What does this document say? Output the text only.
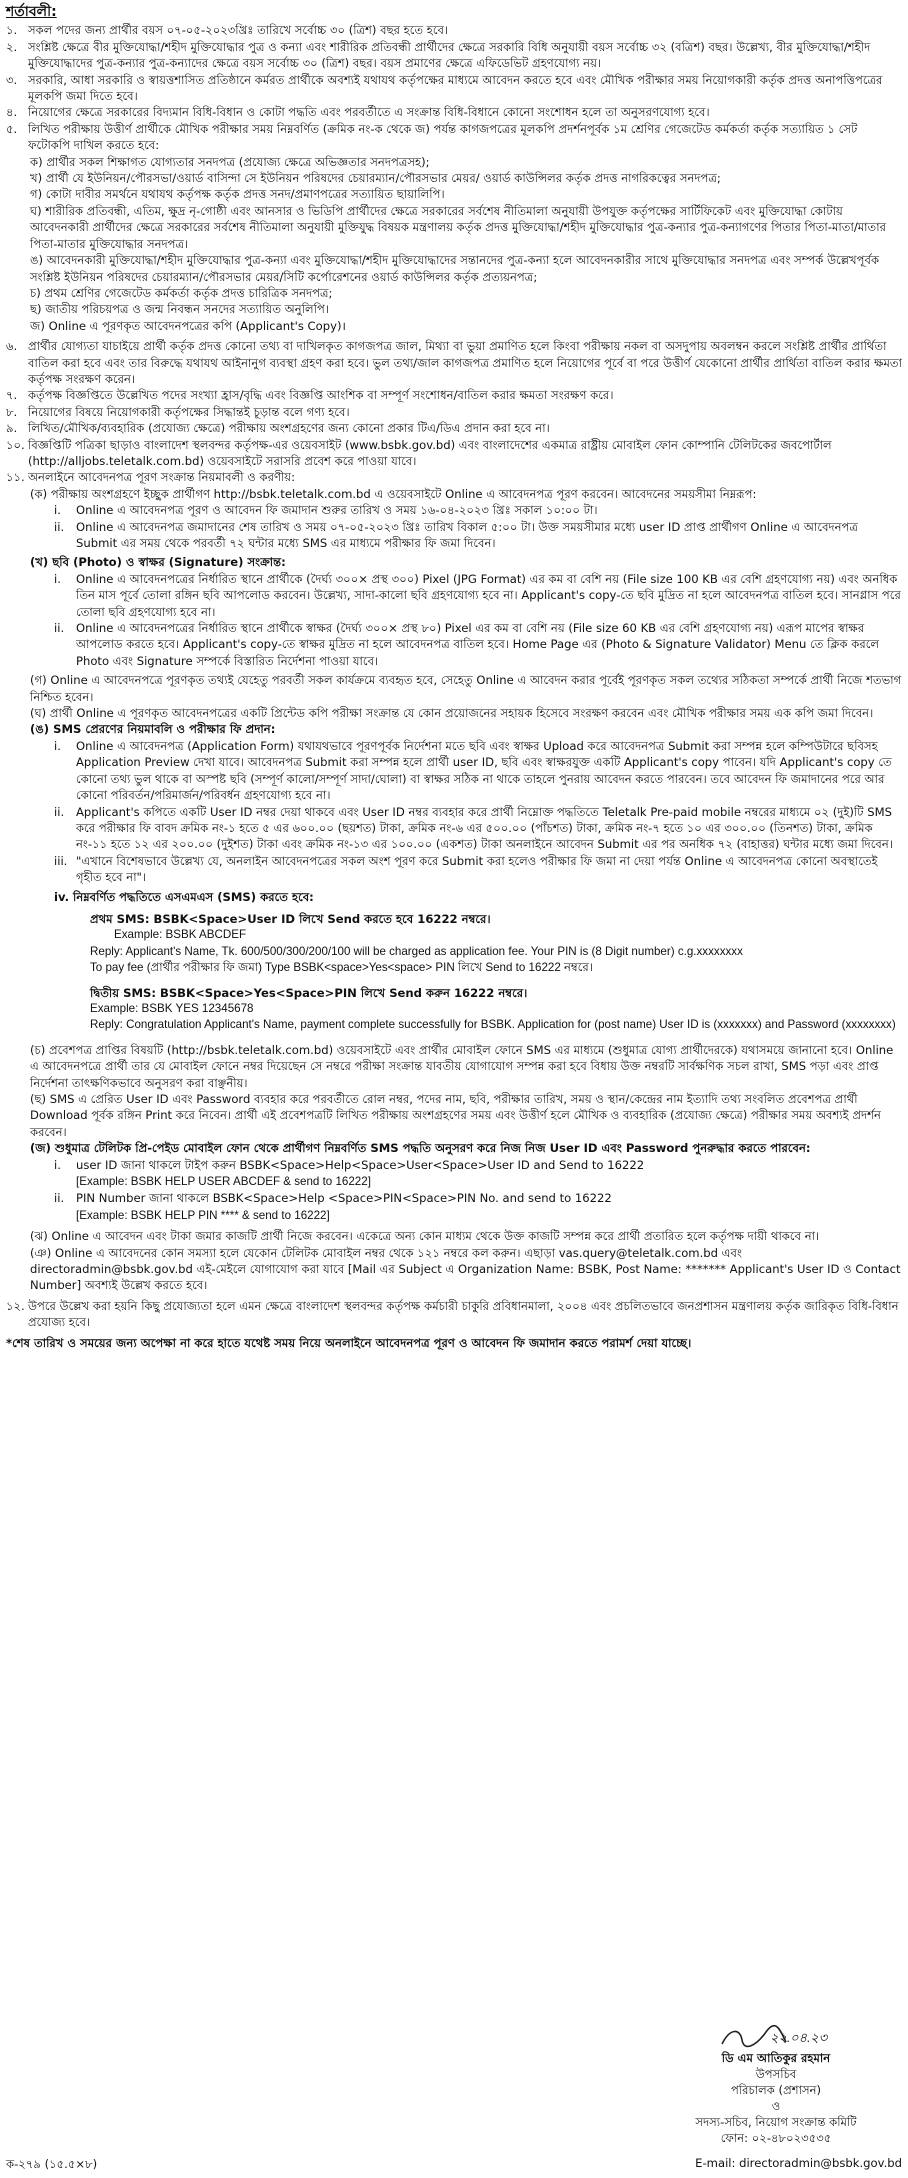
শর্তাবলী:
১. সকল পদের জন্য প্রার্থীর বয়স ০৭-০৫-২০২৩খ্রিঃ তারিখে সর্বোচ্চ ৩০ (ত্রিশ) বছর হতে হবে।
২. সংশ্লিষ্ট ক্ষেত্রে বীর মুক্তিযোদ্ধা/শহীদ মুক্তিযোদ্ধার পুত্র ও কন্যা এবং শারীরিক প্রতিবন্ধী প্রার্থীদের ক্ষেত্রে সরকারি বিধি অনুযায়ী বয়স সর্বোচ্চ ৩২ (বত্রিশ) বছর। উল্লেখ্য, বীর মুক্তিযোদ্ধা/শহীদ মুক্তিযোদ্ধাদের পুত্র-কন্যার পুত্র-কন্যাদের ক্ষেত্রে বয়স সর্বোচ্চ ৩০ (ত্রিশ) বছর। বয়স প্রমাণের ক্ষেত্রে এফিডেভিট গ্রহণযোগ্য নয়।
৩. সরকারি, আধা সরকারি ও স্বায়ত্তশাসিত প্রতিষ্ঠানে কর্মরত প্রার্থীকে অবশ্যই যথাযথ কর্তৃপক্ষের মাধ্যমে আবেদন করতে হবে এবং মৌখিক পরীক্ষার সময় নিয়োগকারী কর্তৃক প্রদত্ত অনাপত্তিপত্রের মূলকপি জমা দিতে হবে।
৪. নিয়োগের ক্ষেত্রে সরকারের বিদ্যমান বিধি-বিধান ও কোটা পদ্ধতি এবং পরবর্তীতে এ সংক্রান্ত বিধি-বিধানে কোনো সংশোধন হলে তা অনুসরণযোগ্য হবে।
৫. লিখিত পরীক্ষায় উত্তীর্ণ প্রার্থীকে মৌখিক পরীক্ষার সময় নিম্নবর্ণিত (ক্রমিক নং-ক থেকে জ) পর্যন্ত কাগজপত্রের মূলকপি প্রদর্শনপূর্বক ১ম শ্রেণির গেজেটেড কর্মকর্তা কর্তৃক সত্যায়িত ১ সেট ফটোকপি দাখিল করতে হবে:
ক) প্রার্থীর সকল শিক্ষাগত যোগ্যতার সনদপত্র (প্রযোজ্য ক্ষেত্রে অভিজ্ঞতার সনদপত্রসহ);
খ) প্রার্থী যে ইউনিয়ন/পৌরসভা/ওয়ার্ড বাসিন্দা সে ইউনিয়ন পরিষদের চেয়ারম্যান/পৌরসভার মেয়র/ ওয়ার্ড কাউন্সিলর কর্তৃক প্রদত্ত নাগরিকত্বের সনদপত্র;
গ) কোটা দাবীর সমর্থনে যথাযথ কর্তৃপক্ষ কর্তৃক প্রদত্ত সনদ/প্রমাণপত্রের সত্যায়িত ছায়ালিপি।
ঘ) শারীরিক প্রতিবন্ধী, এতিম, ক্ষুদ্র নৃ-গোষ্ঠী এবং আনসার ও ভিডিপি প্রার্থীদের ক্ষেত্রে সরকারের সর্বশেষ নীতিমালা অনুযায়ী উপযুক্ত কর্তৃপক্ষের সার্টিফিকেট এবং মুক্তিযোদ্ধা কোটায় আবেদনকারী প্রার্থীদের ক্ষেত্রে সরকারের সর্বশেষ নীতিমালা অনুযায়ী মুক্তিযুদ্ধ বিষয়ক মন্ত্রণালয় কর্তৃক প্রদত্ত মুক্তিযোদ্ধা/শহীদ মুক্তিযোদ্ধার পুত্র-কন্যার পুত্র-কন্যাগণের পিতার পিতা-মাতা/মাতার পিতা-মাতার মুক্তিযোদ্ধার সনদপত্র।
ঙ) আবেদনকারী মুক্তিযোদ্ধা/শহীদ মুক্তিযোদ্ধার পুত্র-কন্যা এবং মুক্তিযোদ্ধা/শহীদ মুক্তিযোদ্ধাদের সন্তানদের পুত্র-কন্যা হলে আবেদনকারীর সাথে মুক্তিযোদ্ধার সনদপত্র এবং সম্পর্ক উল্লেখপূর্বক সংশ্লিষ্ট ইউনিয়ন পরিষদের চেয়ারম্যান/পৌরসভার মেয়র/সিটি কর্পোরেশনের ওয়ার্ড কাউন্সিলর কর্তৃক প্রত্যয়নপত্র;
চ) প্রথম শ্রেণির গেজেটেড কর্মকর্তা কর্তৃক প্রদত্ত চারিত্রিক সনদপত্র;
ছ) জাতীয় পরিচয়পত্র ও জন্ম নিবন্ধন সনদের সত্যায়িত অনুলিপি।
জ) Online এ পূরণকৃত আবেদনপত্রের কপি (Applicant's Copy)।
৬. প্রার্থীর যোগ্যতা যাচাইয়ে প্রার্থী কর্তৃক প্রদত্ত কোনো তথ্য বা দাখিলকৃত কাগজপত্র জাল, মিথ্যা বা ভুয়া প্রমাণিত হলে কিংবা পরীক্ষায় নকল বা অসদুপায় অবলম্বন করলে সংশ্লিষ্ট প্রার্থীর প্রার্থিতা বাতিল করা হবে এবং তার বিরুদ্ধে যথাযথ আইনানুগ ব্যবস্থা গ্রহণ করা হবে। ভুল তথ্য/জাল কাগজপত্র প্রমাণিত হলে নিয়োগের পূর্বে বা পরে উত্তীর্ণ যেকোনো প্রার্থীর প্রার্থিতা বাতিল করার ক্ষমতা কর্তৃপক্ষ সংরক্ষণ করেন।
৭. কর্তৃপক্ষ বিজ্ঞপ্তিতে উল্লেখিত পদের সংখ্যা হ্রাস/বৃদ্ধি এবং বিজ্ঞপ্তি আংশিক বা সম্পূর্ণ সংশোধন/বাতিল করার ক্ষমতা সংরক্ষণ করে।
৮. নিয়োগের বিষয়ে নিয়োগকারী কর্তৃপক্ষের সিদ্ধান্তই চূড়ান্ত বলে গণ্য হবে।
৯. লিখিত/মৌখিক/ব্যবহারিক (প্রযোজ্য ক্ষেত্রে) পরীক্ষায় অংশগ্রহণের জন্য কোনো প্রকার টিএ/ডিএ প্রদান করা হবে না।
১০. বিজ্ঞপ্তিটি পত্রিকা ছাড়াও বাংলাদেশ স্থলবন্দর কর্তৃপক্ষ-এর ওয়েবসাইট (www.bsbk.gov.bd) এবং বাংলাদেশের একমাত্র রাষ্ট্রীয় মোবাইল ফোন কোম্পানি টেলিটকের জবপোর্টাল (http://alljobs.teletalk.com.bd) ওয়েবসাইটে সরাসরি প্রবেশ করে পাওয়া যাবে।
১১. অনলাইনে আবেদনপত্র পূরণ সংক্রান্ত নিয়মাবলী ও করণীয়:
(ক) পরীক্ষায় অংশগ্রহণে ইচ্ছুক প্রার্থীগণ http://bsbk.teletalk.com.bd এ ওয়েবসাইটে Online এ আবেদনপত্র পূরণ করবেন। আবেদনের সময়সীমা নিম্নরূপ:
i.	Online এ আবেদনপত্র পূরণ ও আবেদন ফি জমাদান শুরুর তারিখ ও সময় ১৬-০৪-২০২৩ খ্রিঃ সকাল ১০:০০ টা।
ii.	Online এ আবেদনপত্র জমাদানের শেষ তারিখ ও সময় ০৭-০৫-২০২৩ খ্রিঃ তারিখ বিকাল ৫:০০ টা। উক্ত সময়সীমার মধ্যে user ID প্রাপ্ত প্রার্থীগণ Online এ আবেদনপত্র Submit এর সময় থেকে পরবর্তী ৭২ ঘন্টার মধ্যে SMS এর মাধ্যমে পরীক্ষার ফি জমা দিবেন।
(খ) ছবি (Photo) ও স্বাক্ষর (Signature) সংক্রান্ত:
i.	Online এ আবেদনপত্রের নির্ধারিত স্থানে প্রার্থীকে (দৈর্ঘ্য ৩০০× প্রস্থ ৩০০) Pixel (JPG Format) এর কম বা বেশি নয় (File size 100 KB এর বেশি গ্রহণযোগ্য নয়) এবং অনধিক তিন মাস পূর্বে তোলা রঙ্গিন ছবি আপলোড করবেন। উল্লেখ্য, সাদা-কালো ছবি গ্রহণযোগ্য হবে না। Applicant's copy-তে ছবি মুদ্রিত না হলে আবেদনপত্র বাতিল হবে। সানগ্লাস পরে তোলা ছবি গ্রহণযোগ্য হবে না।
ii.	Online এ আবেদনপত্রের নির্ধারিত স্থানে প্রার্থীকে স্বাক্ষর (দৈর্ঘ্য ৩০০× প্রস্থ ৮০) Pixel এর কম বা বেশি নয় (File size 60 KB এর বেশি গ্রহণযোগ্য নয়) এরূপ মাপের স্বাক্ষর আপলোড করতে হবে। Applicant's copy-তে স্বাক্ষর মুদ্রিত না হলে আবেদনপত্র বাতিল হবে। Home Page এর (Photo & Signature Validator) Menu তে ক্লিক করলে Photo এবং Signature সম্পর্কে বিস্তারিত নির্দেশনা পাওয়া যাবে।
(গ) Online এ আবেদনপত্রে পূরণকৃত তথ্যই যেহেতু পরবর্তী সকল কার্যক্রমে ব্যবহৃত হবে, সেহেতু Online এ আবেদন করার পূর্বেই পূরণকৃত সকল তথ্যের সঠিকতা সম্পর্কে প্রার্থী নিজে শতভাগ নিশ্চিত হবেন।
(ঘ) প্রার্থী Online এ পূরণকৃত আবেদনপত্রের একটি প্রিন্টেড কপি পরীক্ষা সংক্রান্ত যে কোন প্রয়োজনের সহায়ক হিসেবে সংরক্ষণ করবেন এবং মৌখিক পরীক্ষার সময় এক কপি জমা দিবেন।
(ঙ) SMS প্রেরণের নিয়মাবলি ও পরীক্ষার ফি প্রদান:
i.	Online এ আবেদনপত্র (Application Form) যথাযথভাবে পূরণপূর্বক নির্দেশনা মতে ছবি এবং স্বাক্ষর Upload করে আবেদনপত্র Submit করা সম্পন্ন হলে কম্পিউটারে ছবিসহ Application Preview দেখা যাবে। আবেদনপত্র Submit করা সম্পন্ন হলে প্রার্থী user ID, ছবি এবং স্বাক্ষরযুক্ত একটি Applicant's copy পাবেন। যদি Applicant's copy তে কোনো তথ্য ভুল থাকে বা অস্পষ্ট ছবি (সম্পূর্ণ কালো/সম্পূর্ণ সাদা/ঘোলা) বা স্বাক্ষর সঠিক না থাকে তাহলে পুনরায় আবেদন করতে পারবেন। তবে আবেদন ফি জমাদানের পরে আর কোনো পরিবর্তন/পরিমার্জন/পরিবর্ধন গ্রহণযোগ্য হবে না।
ii.	Applicant's কপিতে একটি User ID নম্বর দেয়া থাকবে এবং User ID নম্বর ব্যবহার করে প্রার্থী নিম্নোক্ত পদ্ধতিতে Teletalk Pre-paid mobile নম্বরের মাধ্যমে ০২ (দুই)টি SMS করে পরীক্ষার ফি বাবদ ক্রমিক নং-১ হতে ৫ এর ৬০০.০০ (ছয়শত) টাকা, ক্রমিক নং-৬ এর ৫০০.০০ (পাঁচশত) টাকা, ক্রমিক নং-৭ হতে ১০ এর ৩০০.০০ (তিনশত) টাকা, ক্রমিক নং-১১ হতে ১২ এর ২০০.০০ (দুইশত) টাকা এবং ক্রমিক নং-১৩ এর ১০০.০০ (একশত) টাকা অনলাইনে আবেদন Submit এর পর অনধিক ৭২ (বাহাত্তর) ঘন্টার মধ্যে জমা দিবেন।
iii. "এখানে বিশেষভাবে উল্লেখ্য যে, অনলাইন আবেদনপত্রের সকল অংশ পূরণ করে Submit করা হলেও পরীক্ষার ফি জমা না দেয়া পর্যন্ত Online এ আবেদনপত্র কোনো অবস্থাতেই গৃহীত হবে না"।
iv. নিম্নবর্ণিত পদ্ধতিতে এসএমএস (SMS) করতে হবে:
প্রথম SMS: BSBK<Space>User ID লিখে Send করতে হবে 16222 নম্বরে।
Example: BSBK ABCDEF
Reply: Applicant's Name, Tk. 600/500/300/200/100 will be charged as application fee. Your PIN is (8 Digit number) c.g.xxxxxxxx
To pay fee (প্রার্থীর পরীক্ষার ফি জমা) Type BSBK<space>Yes<space> PIN লিখে Send to 16222 নম্বরে।
দ্বিতীয় SMS: BSBK<Space>Yes<Space>PIN লিখে Send করুন 16222 নম্বরে।
Example: BSBK YES 12345678
Reply: Congratulation Applicant's Name, payment complete successfully for BSBK. Application for (post name) User ID is (xxxxxxx) and Password (xxxxxxxx)
(চ) প্রবেশপত্র প্রাপ্তির বিষয়টি (http://bsbk.teletalk.com.bd) ওয়েবসাইটে এবং প্রার্থীর মোবাইল ফোনে SMS এর মাধ্যমে (শুধুমাত্র যোগ্য প্রার্থীদেরকে) যথাসময়ে জানানো হবে। Online এ আবেদনপত্রে প্রার্থী তার যে মোবাইল ফোনে নম্বর দিয়েছেন সে নম্বরে পরীক্ষা সংক্রান্ত যাবতীয় যোগাযোগ সম্পন্ন করা হবে বিধায় উক্ত নম্বরটি সার্বক্ষণিক সচল রাখা, SMS পড়া এবং প্রাপ্ত নির্দেশনা তাৎক্ষণিকভাবে অনুসরণ করা বাঞ্ছনীয়।
(ছ) SMS এ প্রেরিত User ID এবং Password ব্যবহার করে পরবর্তীতে রোল নম্বর, পদের নাম, ছবি, পরীক্ষার তারিখ, সময় ও স্থান/কেন্দ্রের নাম ইত্যাদি তথ্য সংবলিত প্রবেশপত্র প্রার্থী Download পূর্বক রঙ্গিন Print করে নিবেন। প্রার্থী এই প্রবেশপত্রটি লিখিত পরীক্ষায় অংশগ্রহণের সময় এবং উত্তীর্ণ হলে মৌখিক ও ব্যবহারিক (প্রযোজ্য ক্ষেত্রে) পরীক্ষার সময় অবশ্যই প্রদর্শন করবেন।
(জ) শুধুমাত্র টেলিটক প্রি-পেইড মোবাইল ফোন থেকে প্রার্থীগণ নিম্নবর্ণিত SMS পদ্ধতি অনুসরণ করে নিজ নিজ User ID এবং Password পুনরুদ্ধার করতে পারবেন:
i.	user ID জানা থাকলে টাইপ করুন BSBK<Space>Help<Space>User<Space>User ID and Send to 16222
[Example: BSBK HELP USER ABCDEF & send to 16222]
ii.	PIN Number জানা থাকলে BSBK<Space>Help <Space>PIN<Space>PIN No. and send to 16222
[Example: BSBK HELP PIN **** & send to 16222]
(ঝ) Online এ আবেদন এবং টাকা জমার কাজটি প্রার্থী নিজে করবেন। একেত্রে অন্য কোন মাধ্যম থেকে উক্ত কাজটি সম্পন্ন করে প্রার্থী প্রতারিত হলে কর্তৃপক্ষ দায়ী থাকবে না।
(ঞ) Online এ আবেদনের কোন সমস্যা হলে যেকোন টেলিটক মোবাইল নম্বর থেকে ১২১ নম্বরে কল করুন। এছাড়া vas.query@teletalk.com.bd এবং directoradmin@bsbk.gov.bd এই-মেইলে যোগাযোগ করা যাবে [Mail এর Subject এ Organization Name: BSBK, Post Name: ******* Applicant's User ID ও Contact Number] অবশ্যই উল্লেখ করতে হবে।
১২. উপরে উল্লেখ করা হয়নি কিছু প্রযোজ্যতা হলে এমন ক্ষেত্রে বাংলাদেশ স্থলবন্দর কর্তৃপক্ষ কর্মচারী চাকুরি প্রবিধানমালা, ২০০৪ এবং প্রচলিতভাবে জনপ্রশাসন মন্ত্রণালয় কর্তৃক জারিকৃত বিধি-বিধান প্রযোজ্য হবে।
*শেষ তারিখ ও সময়ের জন্য অপেক্ষা না করে হাতে যথেষ্ট সময় নিয়ে অনলাইনে আবেদনপত্র পূরণ ও আবেদন ফি জমাদান করতে পরামর্শ দেয়া যাচ্ছে।
২২.০৪.২৩
ডি এম আতিকুর রহমান
উপসচিব
পরিচালক (প্রশাসন)
ও
সদস্য-সচিব, নিয়োগ সংক্রান্ত কমিটি
ফোন: ০২-৪৮০২৩৫৩৫
ক-২৭৯ (১৫.৫×৮)	E-mail: directoradmin@bsbk.gov.bd
